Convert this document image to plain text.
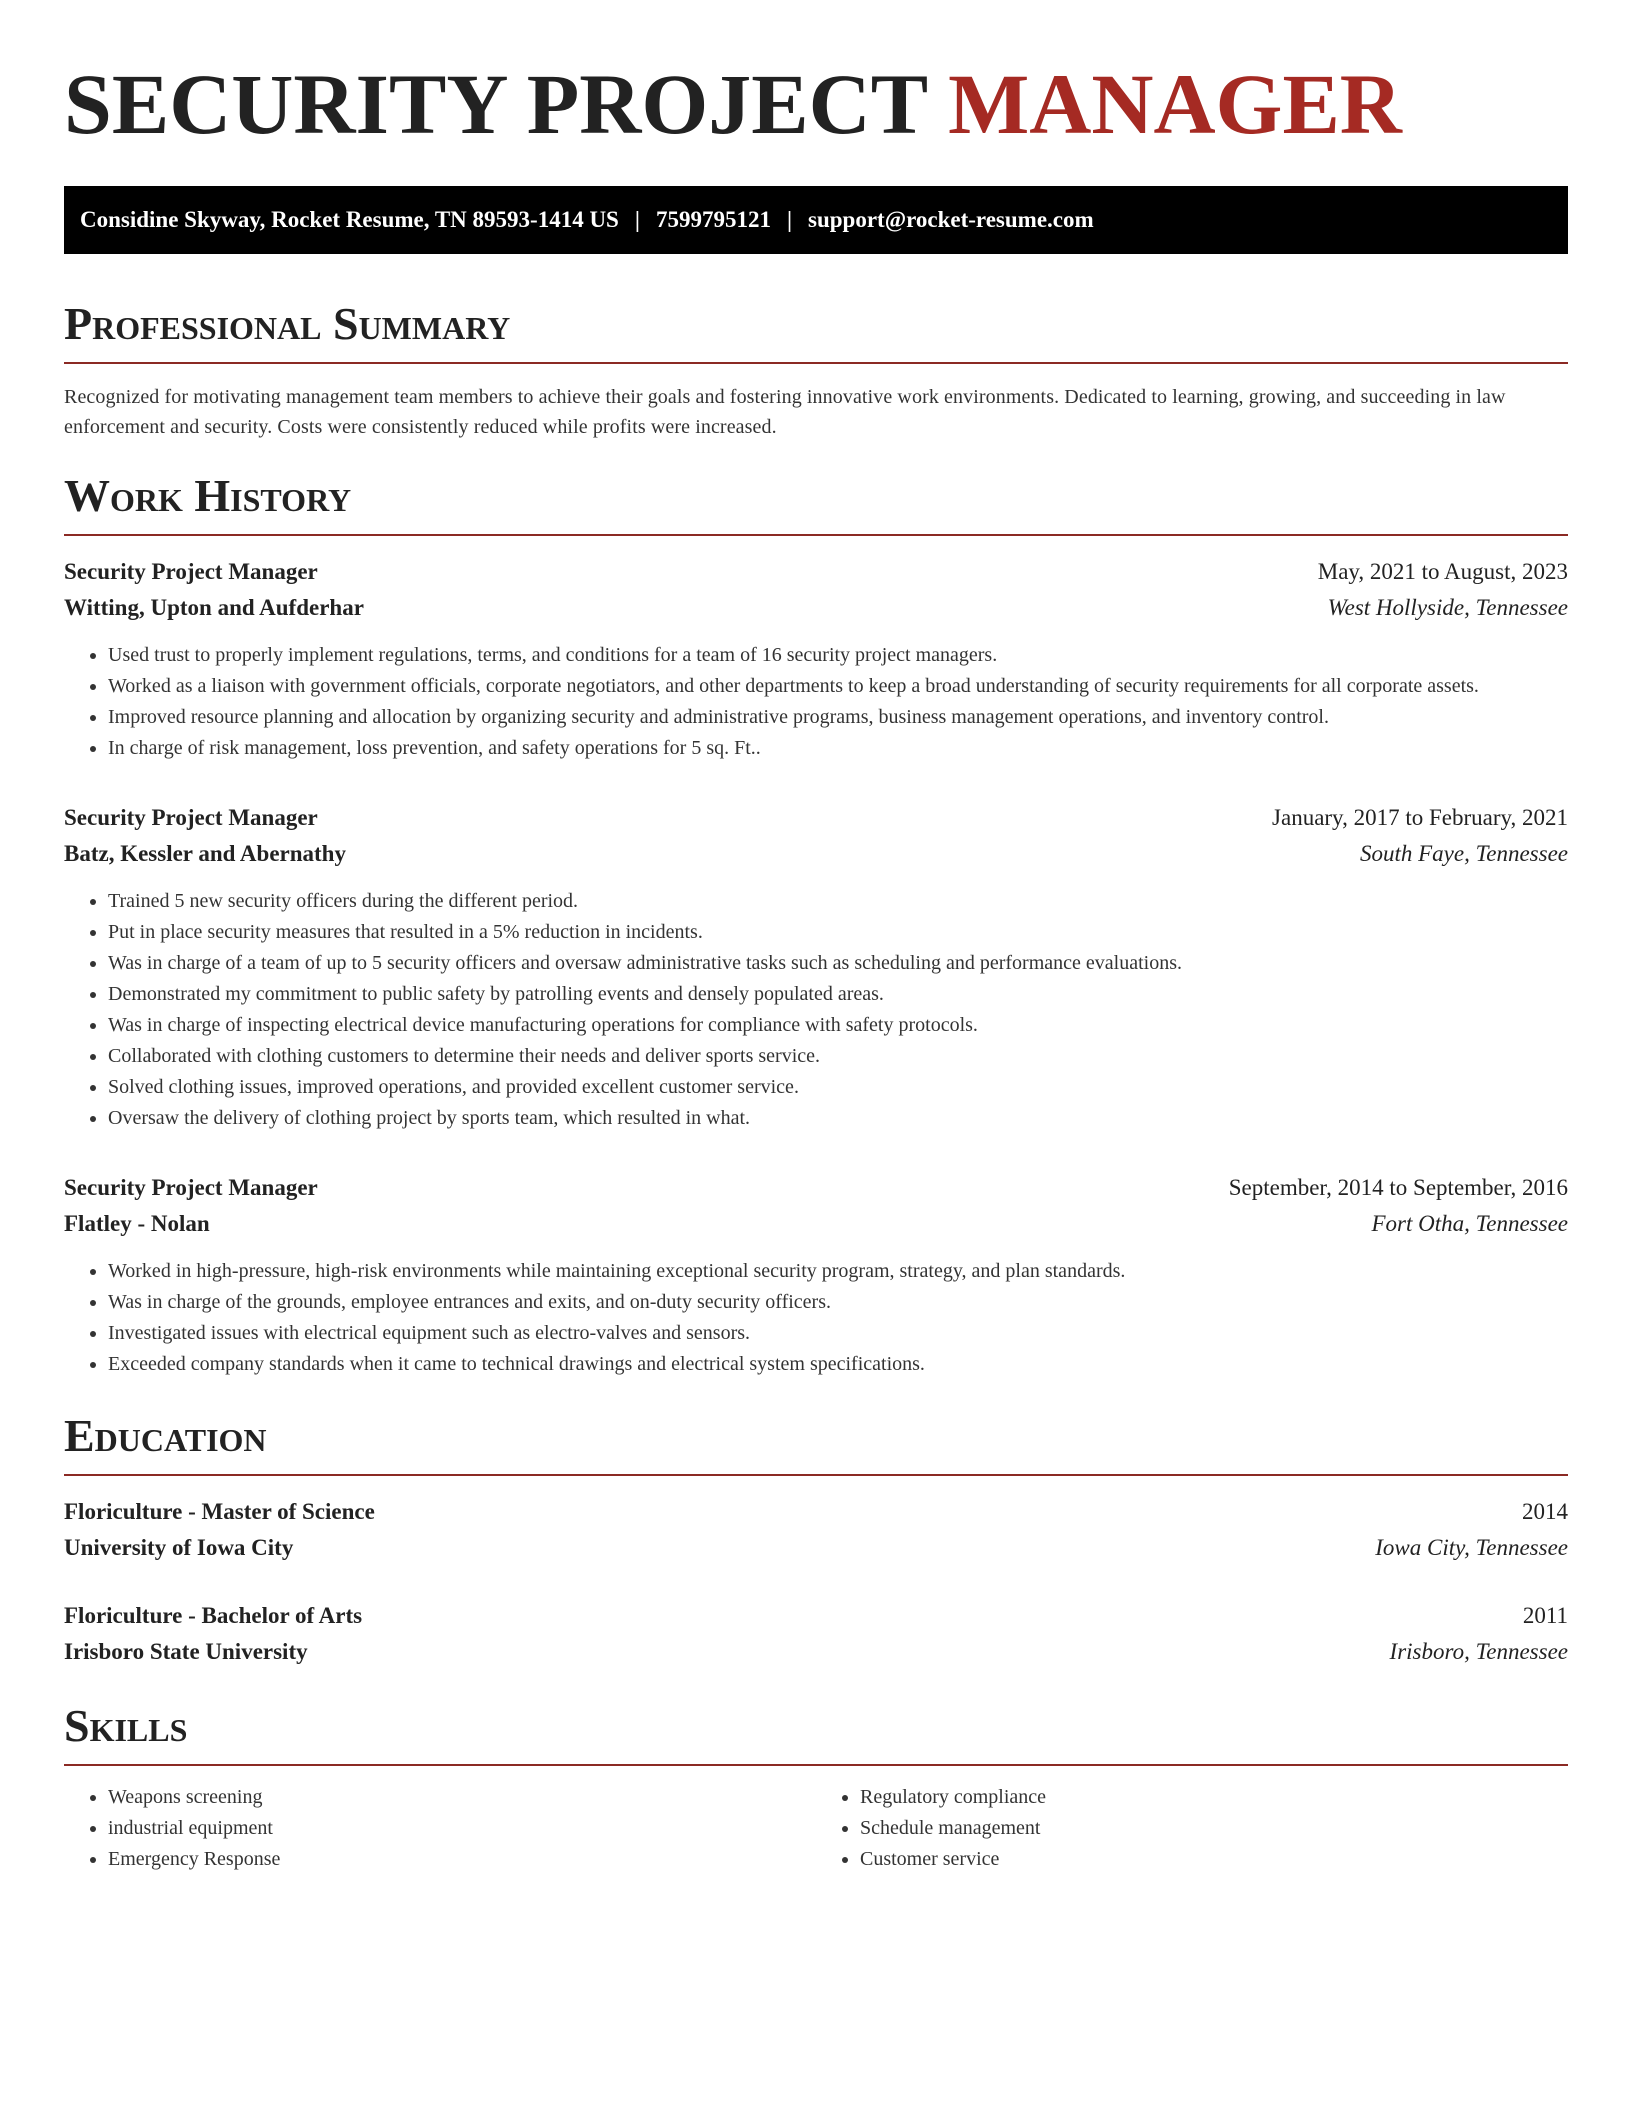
SECURITY PROJECT MANAGER
Considine Skyway, Rocket Resume, TN 89593-1414 US | 7599795121 | support@rocket-resume.com
Professional Summary

Recognized for motivating management team members to achieve their goals and fostering innovative work environments. Dedicated to learning, growing, and succeeding in law enforcement and security. Costs were consistently reduced while profits were increased.

Work History
Security Project Manager	May, 2021 to August, 2023
Witting, Upton and Aufderhar	West Hollyside, Tennessee
• Used trust to properly implement regulations, terms, and conditions for a team of 16 security project managers.
• Worked as a liaison with government officials, corporate negotiators, and other departments to keep a broad understanding of security requirements for all corporate assets.
• Improved resource planning and allocation by organizing security and administrative programs, business management operations, and inventory control.
• In charge of risk management, loss prevention, and safety operations for 5 sq. Ft..
Security Project Manager	January, 2017 to February, 2021
Batz, Kessler and Abernathy	South Faye, Tennessee
• Trained 5 new security officers during the different period.
• Put in place security measures that resulted in a 5% reduction in incidents.
• Was in charge of a team of up to 5 security officers and oversaw administrative tasks such as scheduling and performance evaluations.
• Demonstrated my commitment to public safety by patrolling events and densely populated areas.
• Was in charge of inspecting electrical device manufacturing operations for compliance with safety protocols.
• Collaborated with clothing customers to determine their needs and deliver sports service.
• Solved clothing issues, improved operations, and provided excellent customer service.
• Oversaw the delivery of clothing project by sports team, which resulted in what.
Security Project Manager	September, 2014 to September, 2016
Flatley - Nolan	Fort Otha, Tennessee
• Worked in high-pressure, high-risk environments while maintaining exceptional security program, strategy, and plan standards.
• Was in charge of the grounds, employee entrances and exits, and on-duty security officers.
• Investigated issues with electrical equipment such as electro-valves and sensors.
• Exceeded company standards when it came to technical drawings and electrical system specifications.
Education
Floriculture - Master of Science	2014
University of Iowa City	Iowa City, Tennessee
Floriculture - Bachelor of Arts	2011
Irisboro State University	Irisboro, Tennessee
Skills
• Weapons screening
• industrial equipment
• Emergency Response
• Regulatory compliance
• Schedule management
• Customer service
